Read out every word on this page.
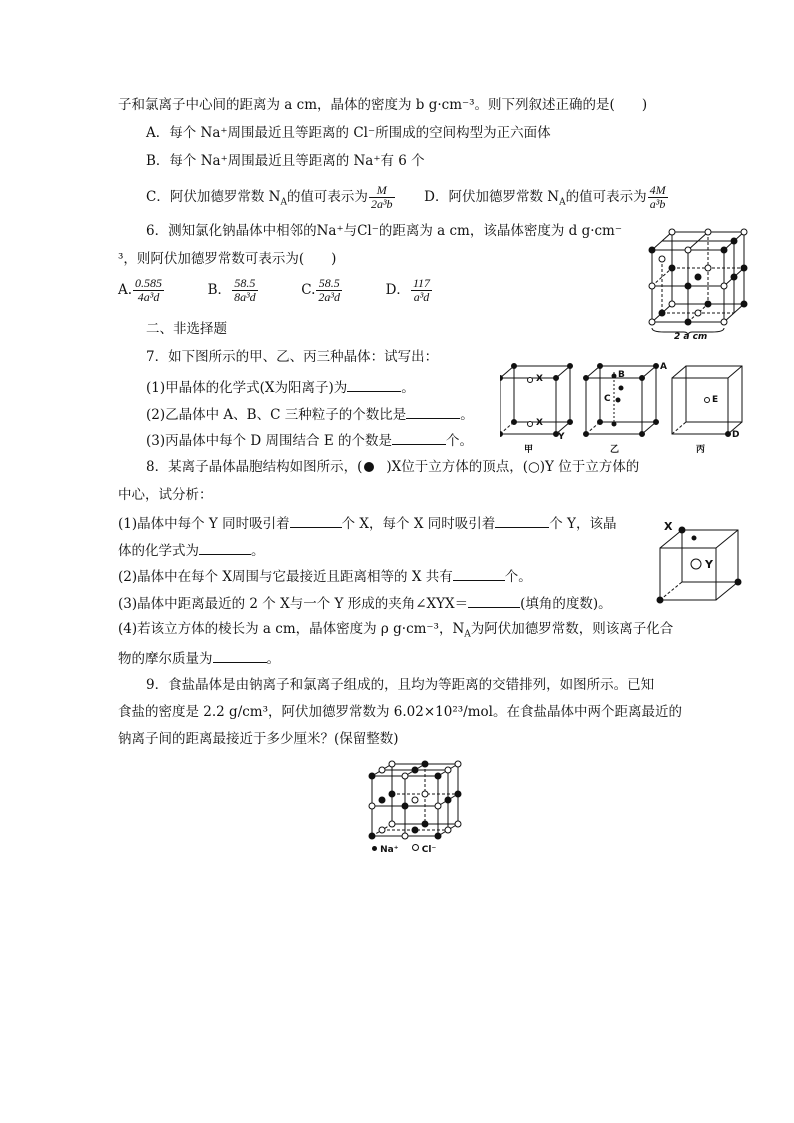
子和氯离子中心间的距离为 a cm，晶体的密度为 b g·cm⁻³。则下列叙述正确的是(　　)
A．每个 Na⁺周围最近且等距离的 Cl⁻所围成的空间构型为正六面体
B．每个 Na⁺周围最近且等距离的 Na⁺有 6 个
C．阿伏加德罗常数 $N_A$的值可表示为 $\frac{M}{\text{2a³b}}$ D．阿伏加德罗常数 $N_A$的值可表示为 $\frac{4M}{\text{a³b}}$
6．测知氯化钠晶体中相邻的Na⁺与Cl⁻的距离为 a cm，该晶体密度为 d g·cm⁻
³，则阿伏加德罗常数可表示为(　　)
A. $\frac{0.585}{\text{4a³d}}$	B． $\frac{58.5}{\text{8a³d}}$	C. $\frac{58.5}{\text{2a³d}}$	D． $\frac{117}{\text{a³d}}$
二、非选择题
7．如下图所示的甲、乙、丙三种晶体：试写出：
(1)甲晶体的化学式(X为阳离子)为	。
(2)乙晶体中 A、B、C 三种粒子的个数比是	。
(3)丙晶体中每个 D 周围结合 E 的个数是	个。
8．某离子晶体晶胞结构如图所示，( )X位于立方体的顶点，(○)Y 位于立方体的
中心，试分析：
(1)晶体中每个 Y 同时吸引着	个 X，每个 X 同时吸引着	个 Y，该晶
体的化学式为	。
(2)晶体中在每个 X周围与它最接近且距离相等的 X 共有	个。
(3)晶体中距离最近的 2 个 X与一个 Y 形成的夹角∠XYX＝	(填角的度数)。
(4)若该立方体的棱长为 a cm，晶体密度为 ρ g·cm⁻³，$N_A$为阿伏加德罗常数，则该离子化合
物的摩尔质量为	。
9．食盐晶体是由钠离子和氯离子组成的，且均为等距离的交错排列，如图所示。已知
食盐的密度是 2.2 g/cm³，阿伏加德罗常数为 6.02×10²³/mol。在食盐晶体中两个距离最近的
钠离子间的距离最接近于多少厘米？(保留整数)
2 a cm
X
X
Y
A
B
C	E
D
甲	乙	丙
X
Y
Na⁺	Cl⁻
